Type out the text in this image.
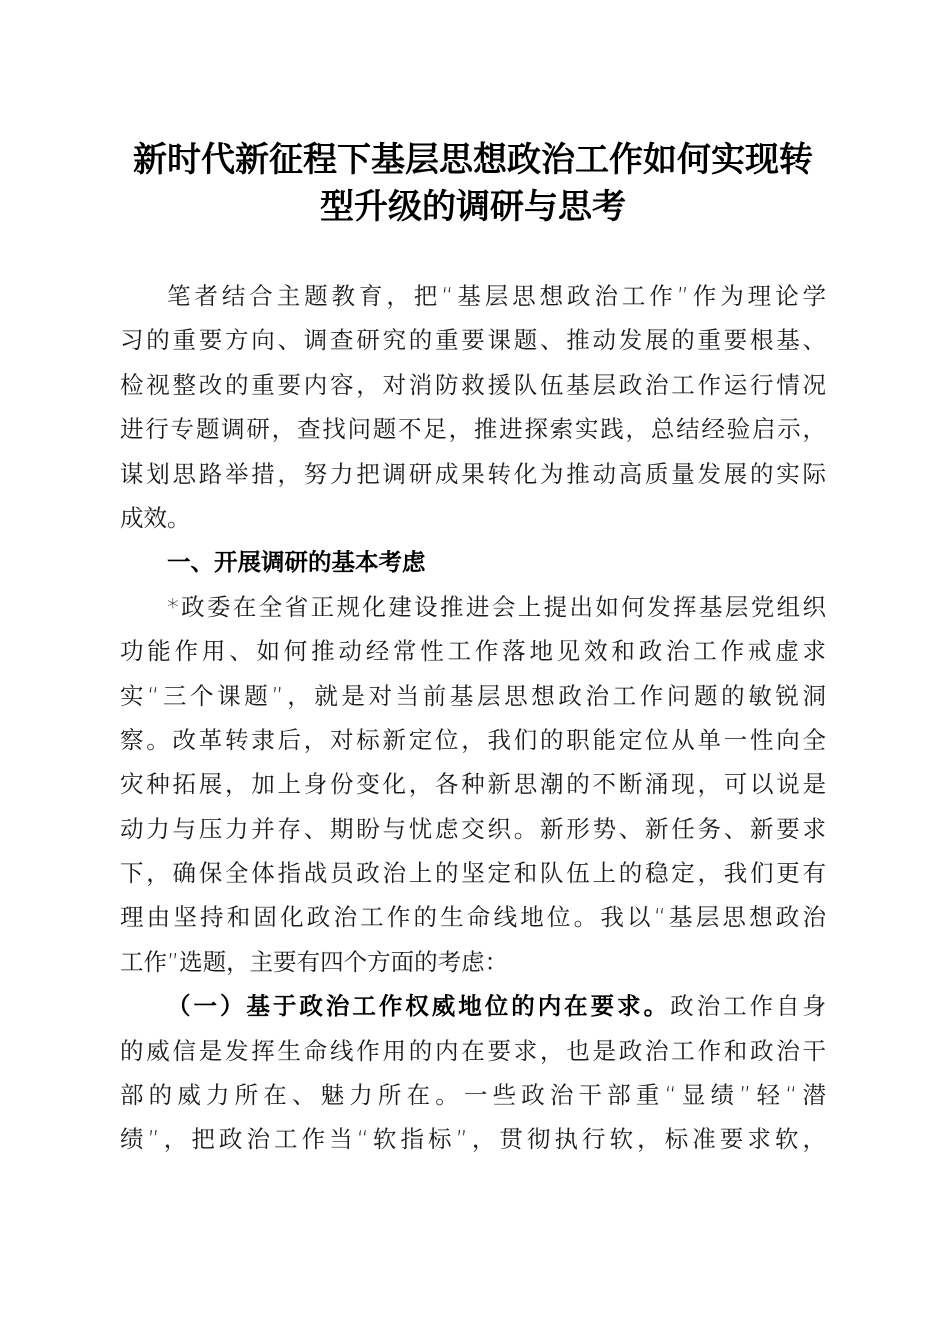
新时代新征程下基层思想政治工作如何实现转
型升级的调研与思考
笔者结合主题教育，把“基层思想政治工作”作为理论学
习的重要方向、调查研究的重要课题、推动发展的重要根基、
检视整改的重要内容，对消防救援队伍基层政治工作运行情况
进行专题调研，查找问题不足，推进探索实践，总结经验启示，
谋划思路举措，努力把调研成果转化为推动高质量发展的实际
成效。
一、开展调研的基本考虑
*政委在全省正规化建设推进会上提出如何发挥基层党组织
功能作用、如何推动经常性工作落地见效和政治工作戒虚求
实“三个课题”，就是对当前基层思想政治工作问题的敏锐洞
察。改革转隶后，对标新定位，我们的职能定位从单一性向全
灾种拓展，加上身份变化，各种新思潮的不断涌现，可以说是
动力与压力并存、期盼与忧虑交织。新形势、新任务、新要求
下，确保全体指战员政治上的坚定和队伍上的稳定，我们更有
理由坚持和固化政治工作的生命线地位。我以“基层思想政治
工作”选题，主要有四个方面的考虑：
（一）基于政治工作权威地位的内在要求。政治工作自身
的威信是发挥生命线作用的内在要求，也是政治工作和政治干
部的威力所在、魅力所在。一些政治干部重“显绩”轻“潜
绩”，把政治工作当“软指标”，贯彻执行软，标准要求软，
